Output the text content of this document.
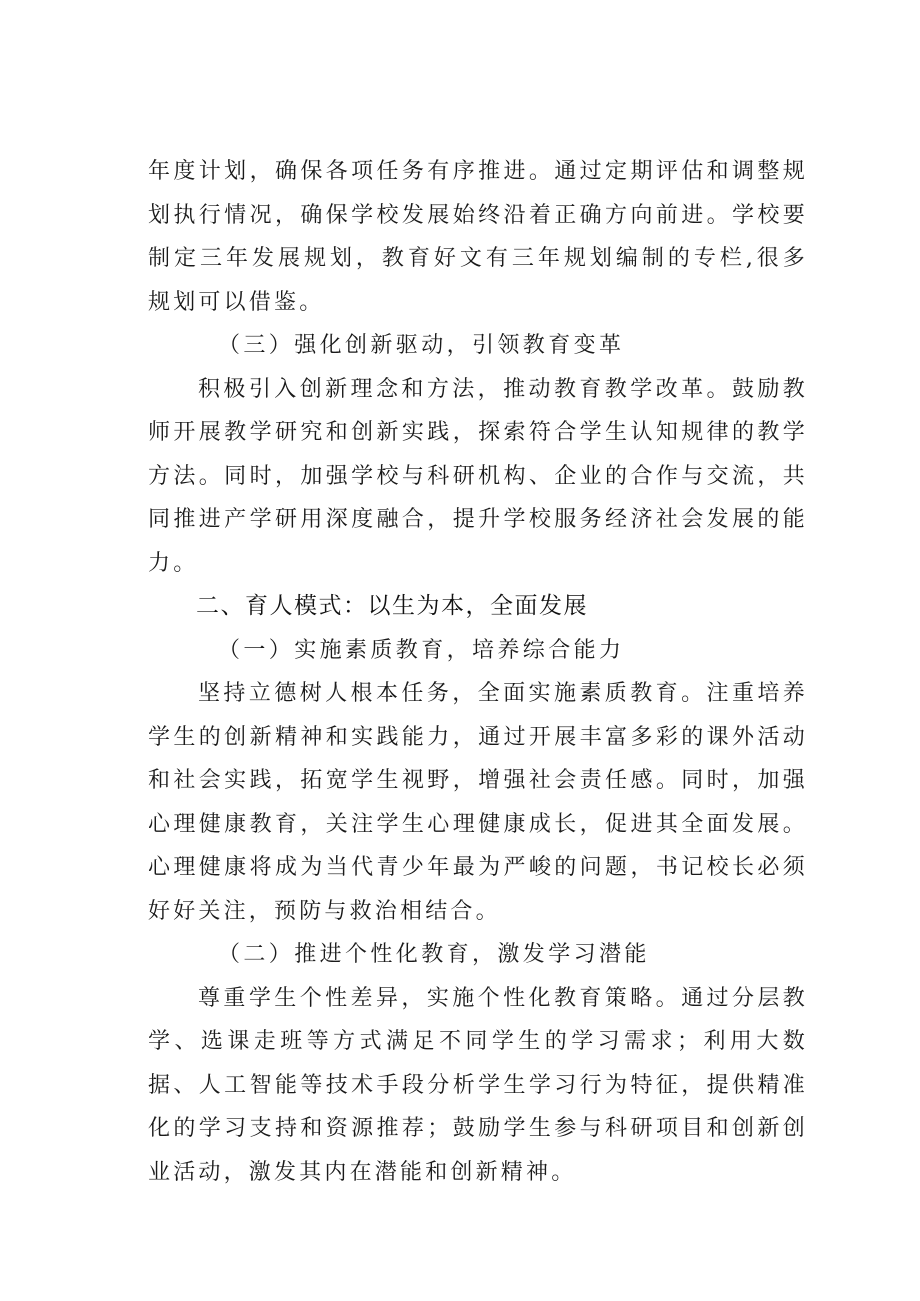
年度计划，确保各项任务有序推进。通过定期评估和调整规划执行情况，确保学校发展始终沿着正确方向前进。学校要制定三年发展规划，教育好文有三年规划编制的专栏,很多规划可以借鉴。

（三）强化创新驱动，引领教育变革

积极引入创新理念和方法，推动教育教学改革。鼓励教师开展教学研究和创新实践，探索符合学生认知规律的教学方法。同时，加强学校与科研机构、企业的合作与交流，共同推进产学研用深度融合，提升学校服务经济社会发展的能力。

二、育人模式：以生为本，全面发展

（一）实施素质教育，培养综合能力

坚持立德树人根本任务，全面实施素质教育。注重培养学生的创新精神和实践能力，通过开展丰富多彩的课外活动和社会实践，拓宽学生视野，增强社会责任感。同时，加强心理健康教育，关注学生心理健康成长，促进其全面发展。心理健康将成为当代青少年最为严峻的问题，书记校长必须好好关注，预防与救治相结合。

（二）推进个性化教育，激发学习潜能

尊重学生个性差异，实施个性化教育策略。通过分层教学、选课走班等方式满足不同学生的学习需求；利用大数据、人工智能等技术手段分析学生学习行为特征，提供精准化的学习支持和资源推荐；鼓励学生参与科研项目和创新创业活动，激发其内在潜能和创新精神。
